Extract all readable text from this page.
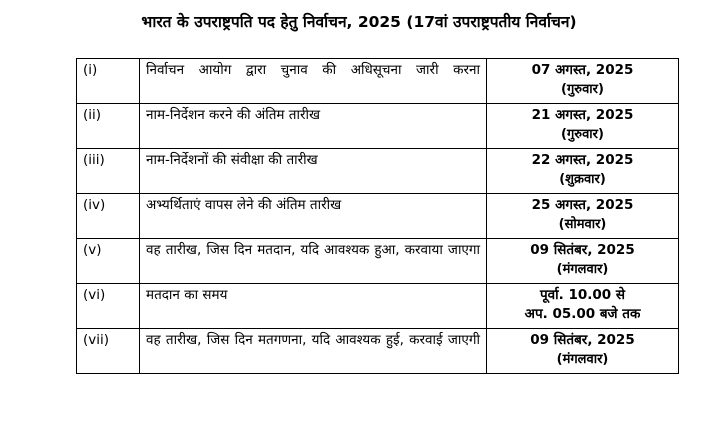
भारत के उपराष्ट्रपति पद हेतु निर्वाचन, 2025 (17वां उपराष्ट्रपतीय निर्वाचन)
(i)	निर्वाचन आयोग द्वारा चुनाव की अधिसूचना जारी करना	07 अगस्त, 2025
(गुरुवार)

(ii)	नाम-निर्देशन करने की अंतिम तारीख	21 अगस्त, 2025
(गुरुवार)

(iii)	नाम-निर्देशनों की संवीक्षा की तारीख	22 अगस्त, 2025
(शुक्रवार)

(iv)	अभ्यर्थिताएं वापस लेने की अंतिम तारीख	25 अगस्त, 2025
(सोमवार)

(v)	वह तारीख, जिस दिन मतदान, यदि आवश्यक हुआ, करवाया जाएगा	09 सितंबर, 2025
(मंगलवार)

(vi)	मतदान का समय	पूर्वा. 10.00 से
अप. 05.00 बजे तक

(vii)	वह तारीख, जिस दिन मतगणना, यदि आवश्यक हुई, करवाई जाएगी	09 सितंबर, 2025
(मंगलवार)
